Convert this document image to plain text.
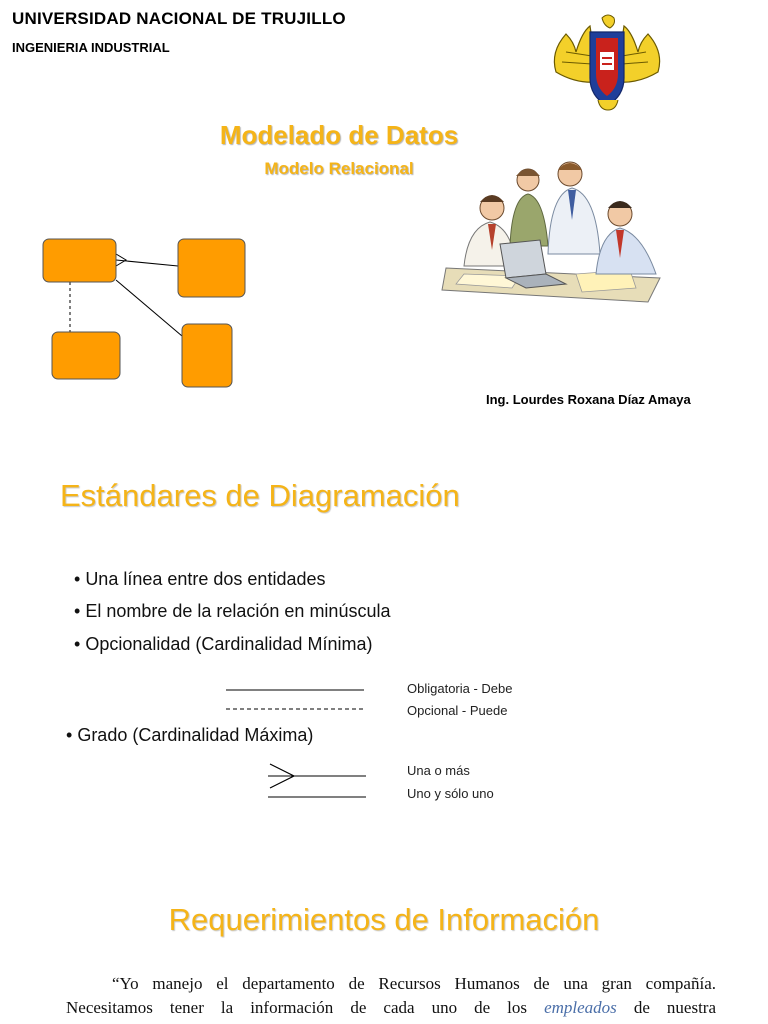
UNIVERSIDAD NACIONAL DE TRUJILLO
INGENIERIA INDUSTRIAL
Modelado de Datos
Modelo Relacional
Ing. Lourdes Roxana Díaz Amaya
Estándares de Diagramación
• Una línea entre dos entidades
• El nombre de la relación en minúscula
• Opcionalidad (Cardinalidad Mínima)
Obligatoria - Debe
Opcional - Puede
• Grado (Cardinalidad Máxima)
Una o más
Uno y sólo uno
Requerimientos de Información
“Yo manejo el departamento de Recursos Humanos de una gran compañía.
Necesitamos tener la información de cada uno de los empleados de nuestra
